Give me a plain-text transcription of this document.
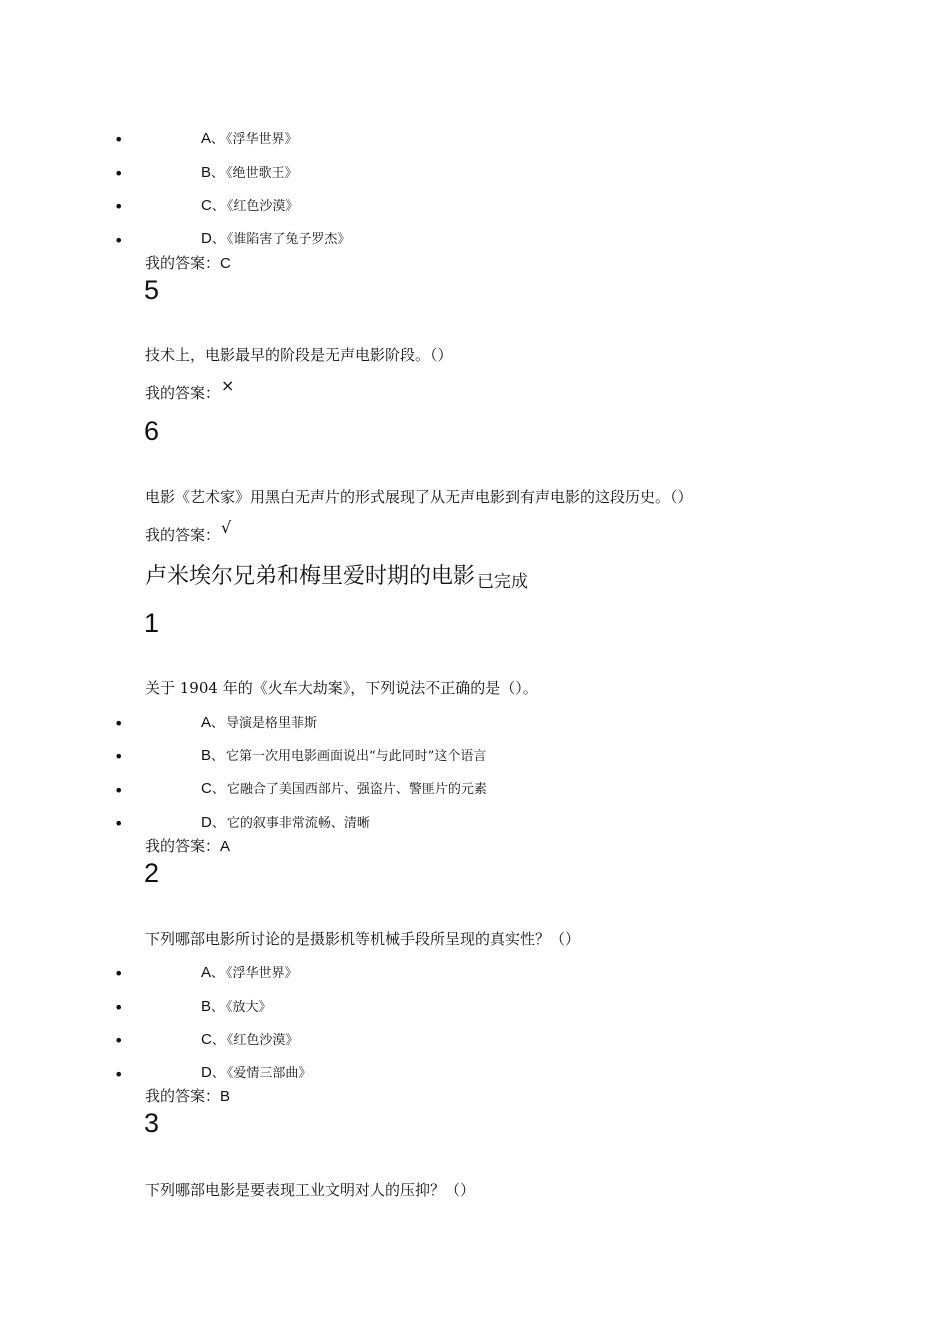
•	A、 《浮华世界》
•	B、 《绝世歌王》
•	C、 《红色沙漠》
•	D、 《谁陷害了兔子罗杰》
我的答案：C
5
技术上，电影最早的阶段是无声电影阶段。（）
我的答案：×
6
电影《艺术家》用黑白无声片的形式展现了从无声电影到有声电影的这段历史。（）
我的答案：√
卢米埃尔兄弟和梅里爱时期的电影 已完成
1
关于 1904 年的《火车大劫案》，下列说法不正确的是（）。
•	A、 导演是格里菲斯
•	B、 它第一次用电影画面说出“与此同时”这个语言
•	C、 它融合了美国西部片、强盗片、警匪片的元素
•	D、 它的叙事非常流畅、清晰
我的答案：A
2
下列哪部电影所讨论的是摄影机等机械手段所呈现的真实性？（）
•	A、 《浮华世界》
•	B、 《放大》
•	C、 《红色沙漠》
•	D、 《爱情三部曲》
我的答案：B
3
下列哪部电影是要表现工业文明对人的压抑？（）
